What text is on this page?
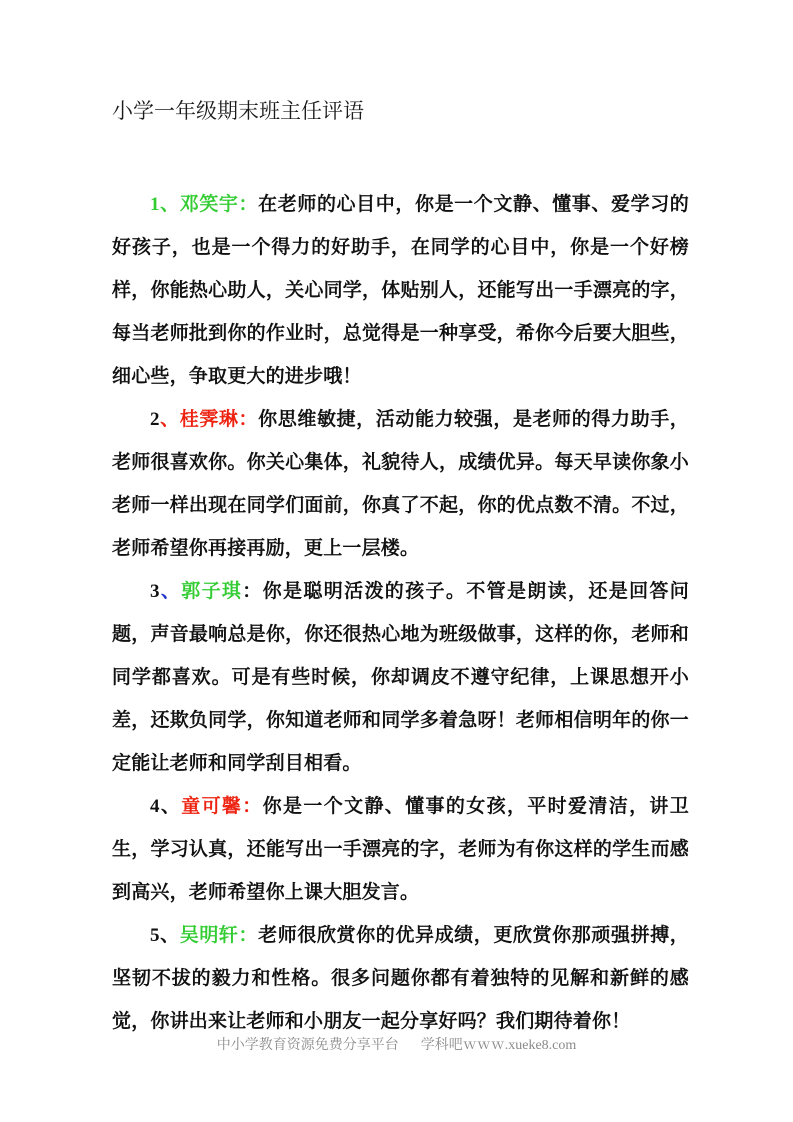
小学一年级期末班主任评语

1、邓笑宇：在老师的心目中，你是一个文静、懂事、爱学习的好孩子，也是一个得力的好助手，在同学的心目中，你是一个好榜样，你能热心助人，关心同学，体贴别人，还能写出一手漂亮的字，每当老师批到你的作业时，总觉得是一种享受，希你今后要大胆些，细心些，争取更大的进步哦！

2、桂霁琳：你思维敏捷，活动能力较强，是老师的得力助手，老师很喜欢你。你关心集体，礼貌待人，成绩优异。每天早读你象小老师一样出现在同学们面前，你真了不起，你的优点数不清。不过，老师希望你再接再励，更上一层楼。

3、郭子琪：你是聪明活泼的孩子。不管是朗读，还是回答问题，声音最响总是你，你还很热心地为班级做事，这样的你，老师和同学都喜欢。可是有些时候，你却调皮不遵守纪律，上课思想开小差，还欺负同学，你知道老师和同学多着急呀！老师相信明年的你一定能让老师和同学刮目相看。

4、童可馨：你是一个文静、懂事的女孩，平时爱清洁，讲卫生，学习认真，还能写出一手漂亮的字，老师为有你这样的学生而感到高兴，老师希望你上课大胆发言。

5、吴明轩：老师很欣赏你的优异成绩，更欣赏你那顽强拼搏，坚韧不拔的毅力和性格。很多问题你都有着独特的见解和新鲜的感觉，你讲出来让老师和小朋友一起分享好吗？我们期待着你！

中小学教育资源免费分享平台 学科吧ｗｗｗ.xueke8.com
